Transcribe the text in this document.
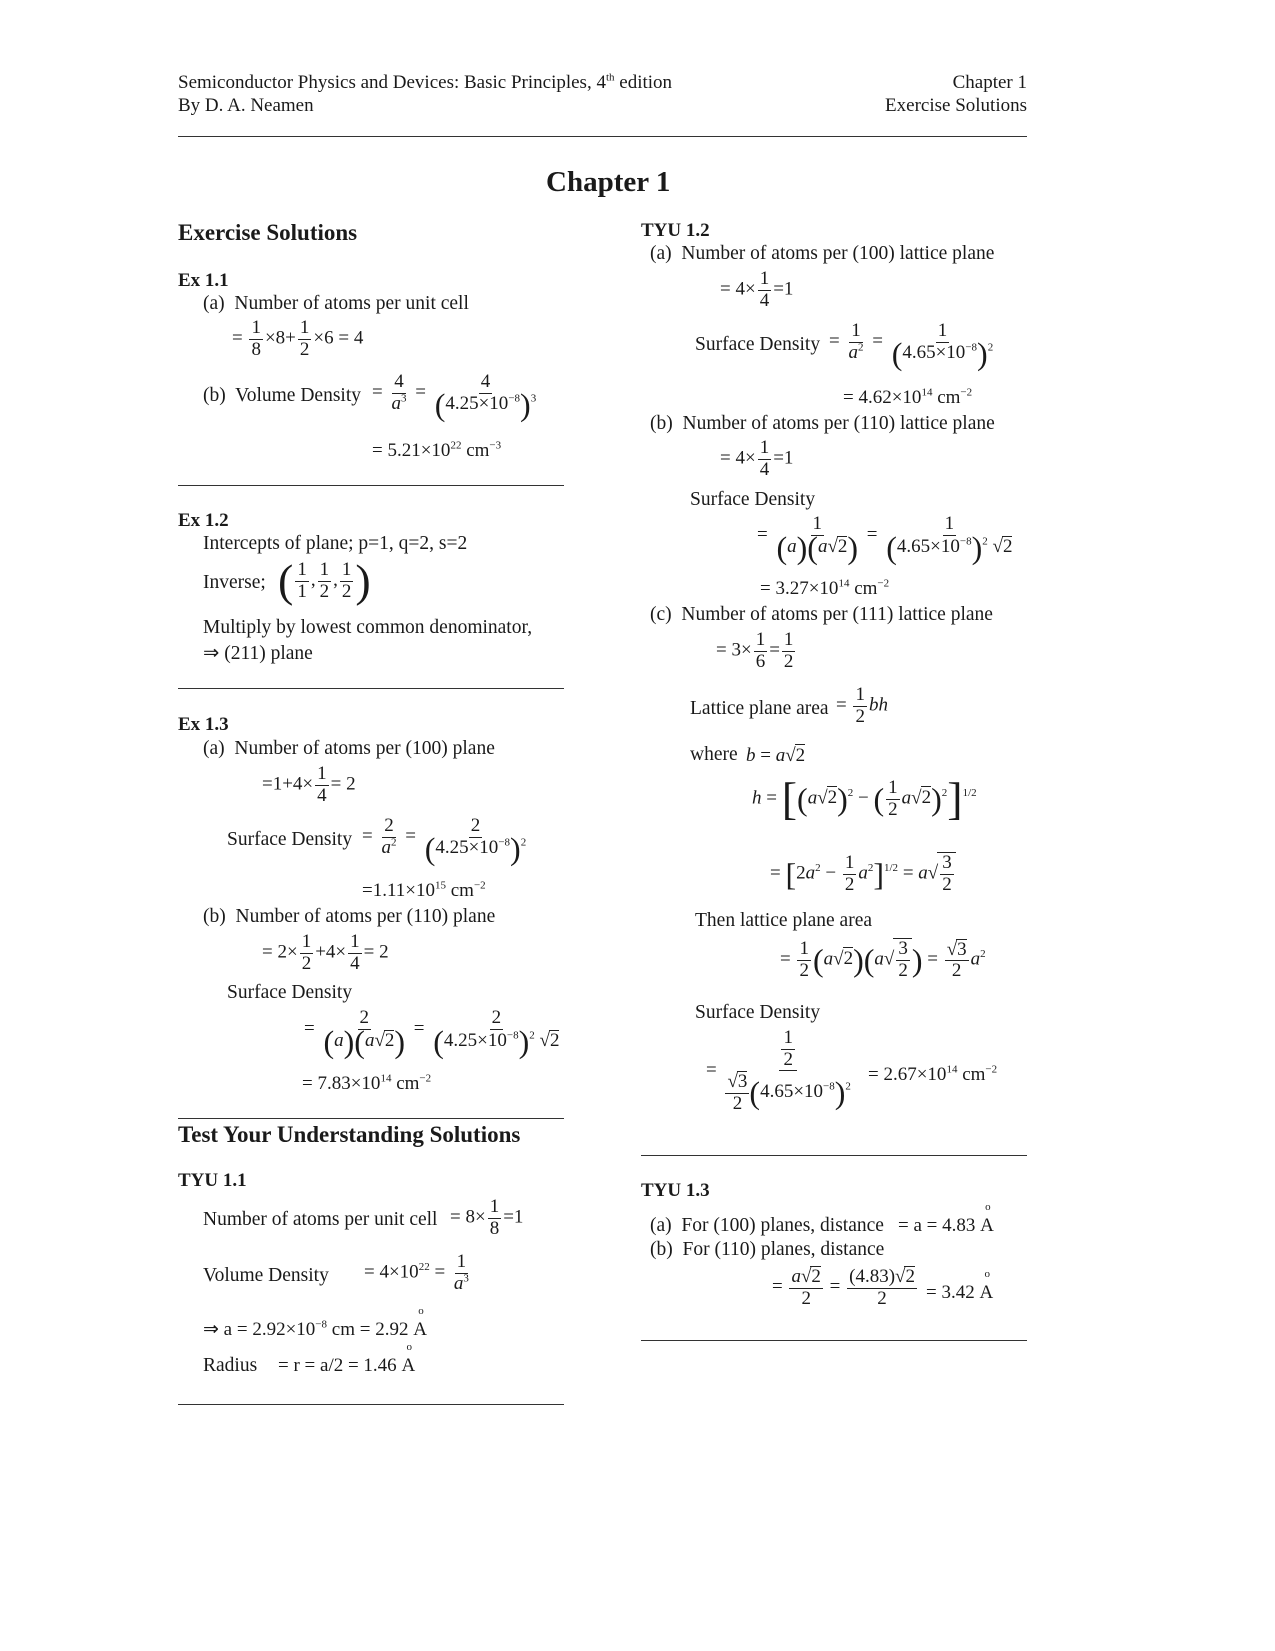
Semiconductor Physics and Devices: Basic Principles, 4th edition
By D. A. Neamen
Chapter 1
Exercise Solutions
Chapter 1
Exercise Solutions
Ex 1.1
(a) Number of atoms per unit cell
= $\frac{1}{8} \times 8+ \frac{1}{2} \times 6 = 4$
(b) Volume Density = $\frac{4}{a^3} = \frac{4}{(4.25\times 10^{-8})^3}$
= $5.21\times 10^{22}$ $cm^{-3}$
Ex 1.2
Intercepts of plane; p=1, q=2, s=2
Inverse; ( $\frac{1}{1}$ , $\frac{1}{2}$ , $\frac{1}{2}$ )
Multiply by lowest common denominator,
⇒ (211) plane
Ex 1.3
(a) Number of atoms per (100) plane
$=1+4\times \frac{1}{4} = 2$
Surface Density = $\frac{2}{a^2} = \frac{2}{(4.25\times 10^{-8})^2}$
$=1.11\times 10^{15}$ $cm^{-2}$
(b) Number of atoms per (110) plane
= $2\times \frac{1}{2} +4\times \frac{1}{4} = 2$
Surface Density
= $\frac{2}{(a)(a√2)} = \frac{2}{(4.25\times 10^{-8})^2 √2}$
= $7.83\times 10^{14}$ $cm^{-2}$
Test Your Understanding Solutions
TYU 1.1
Number of atoms per unit cell = $8\times \frac{1}{8} =1$
Volume Density = $4\times 10^{22} = \frac{1}{a^3}$
⇒ $a = 2.92\times 10^{-8}$ cm = 2.92 o A
Radius = r = a/2 = 1.46 o A
TYU 1.2
(a) Number of atoms per (100) lattice plane
= $4\times \frac{1}{4} =1$
Surface Density = $\frac{1}{a^2} = \frac{1}{(4.65\times 10^{-8})^2}$
= $4.62\times 10^{14}$ $cm^{-2}$
(b) Number of atoms per (110) lattice plane
= $4\times \frac{1}{4} =1$
Surface Density
= $\frac{1}{(a)(a√2)} = \frac{1}{(4.65\times 10^{-8})^2 √2}$
= $3.27\times 10^{14}$ $cm^{-2}$
(c) Number of atoms per (111) lattice plane
= $3\times \frac{1}{6} = \frac{1}{2}$
Lattice plane area = $\frac{1}{2}$ bh
where b = a√2
$h = [(a√2)^2$ − ( $\frac{1}{2} a√2)^2]^{1/2}$
= $[2a^2 - \frac{1}{2} a^2]^{1/2} = a√ \frac{3}{2}$
Then lattice plane area
= $\frac{1}{2} (a√2)(a√ \frac{3}{2}$ ) = $\frac{√3}{2} a^2$
Surface Density
= $\frac{\frac{1}{2}}{\frac{√3}{2} (4.65\times 10^{-8})^2} = 2.67\times 10^{14}$ $cm^{-2}$
TYU 1.3
(a) For (100) planes, distance = a = 4.83 o A
(b) For (110) planes, distance
= $\frac{a√2}{2} = \frac{(4.83)√2}{2} = 3.42$ o A
